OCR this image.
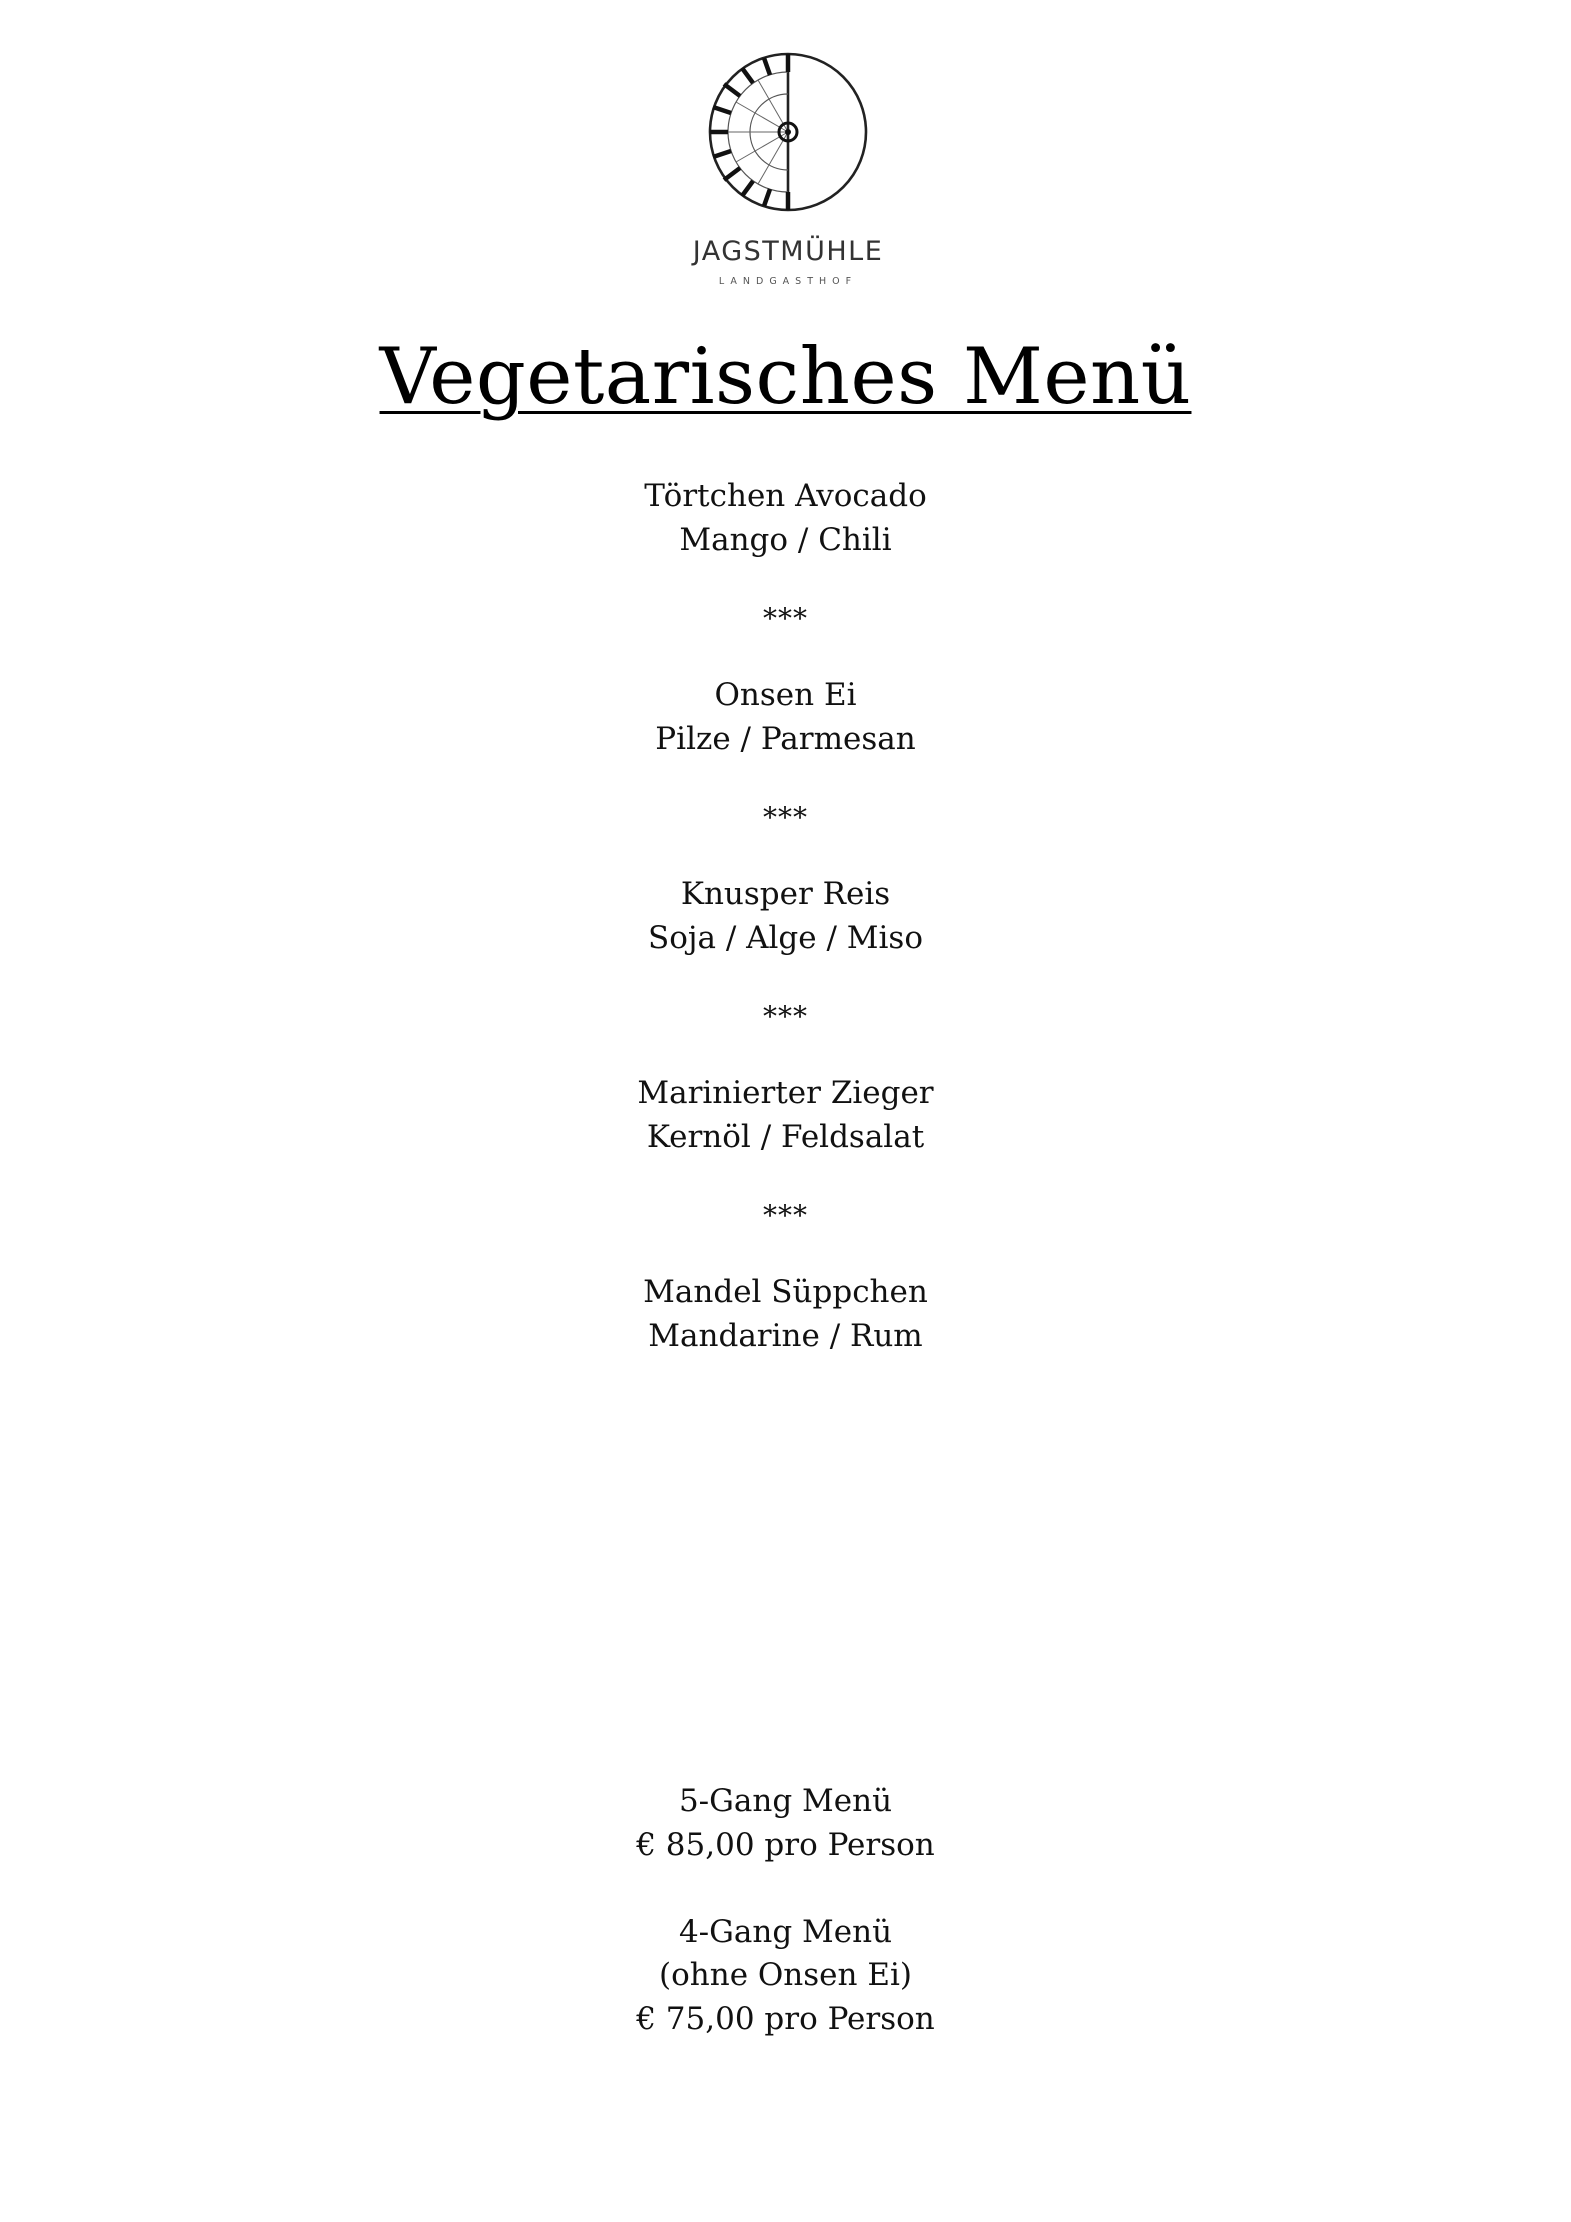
JAGSTMÜHLE
LANDGASTHOF
Vegetarisches Menü
Törtchen Avocado
Mango / Chili
***
Onsen Ei
Pilze / Parmesan
***
Knusper Reis
Soja / Alge / Miso
***
Marinierter Zieger
Kernöl / Feldsalat
***
Mandel Süppchen
Mandarine / Rum
5-Gang Menü
€ 85,00 pro Person
4-Gang Menü
(ohne Onsen Ei)
€ 75,00 pro Person
